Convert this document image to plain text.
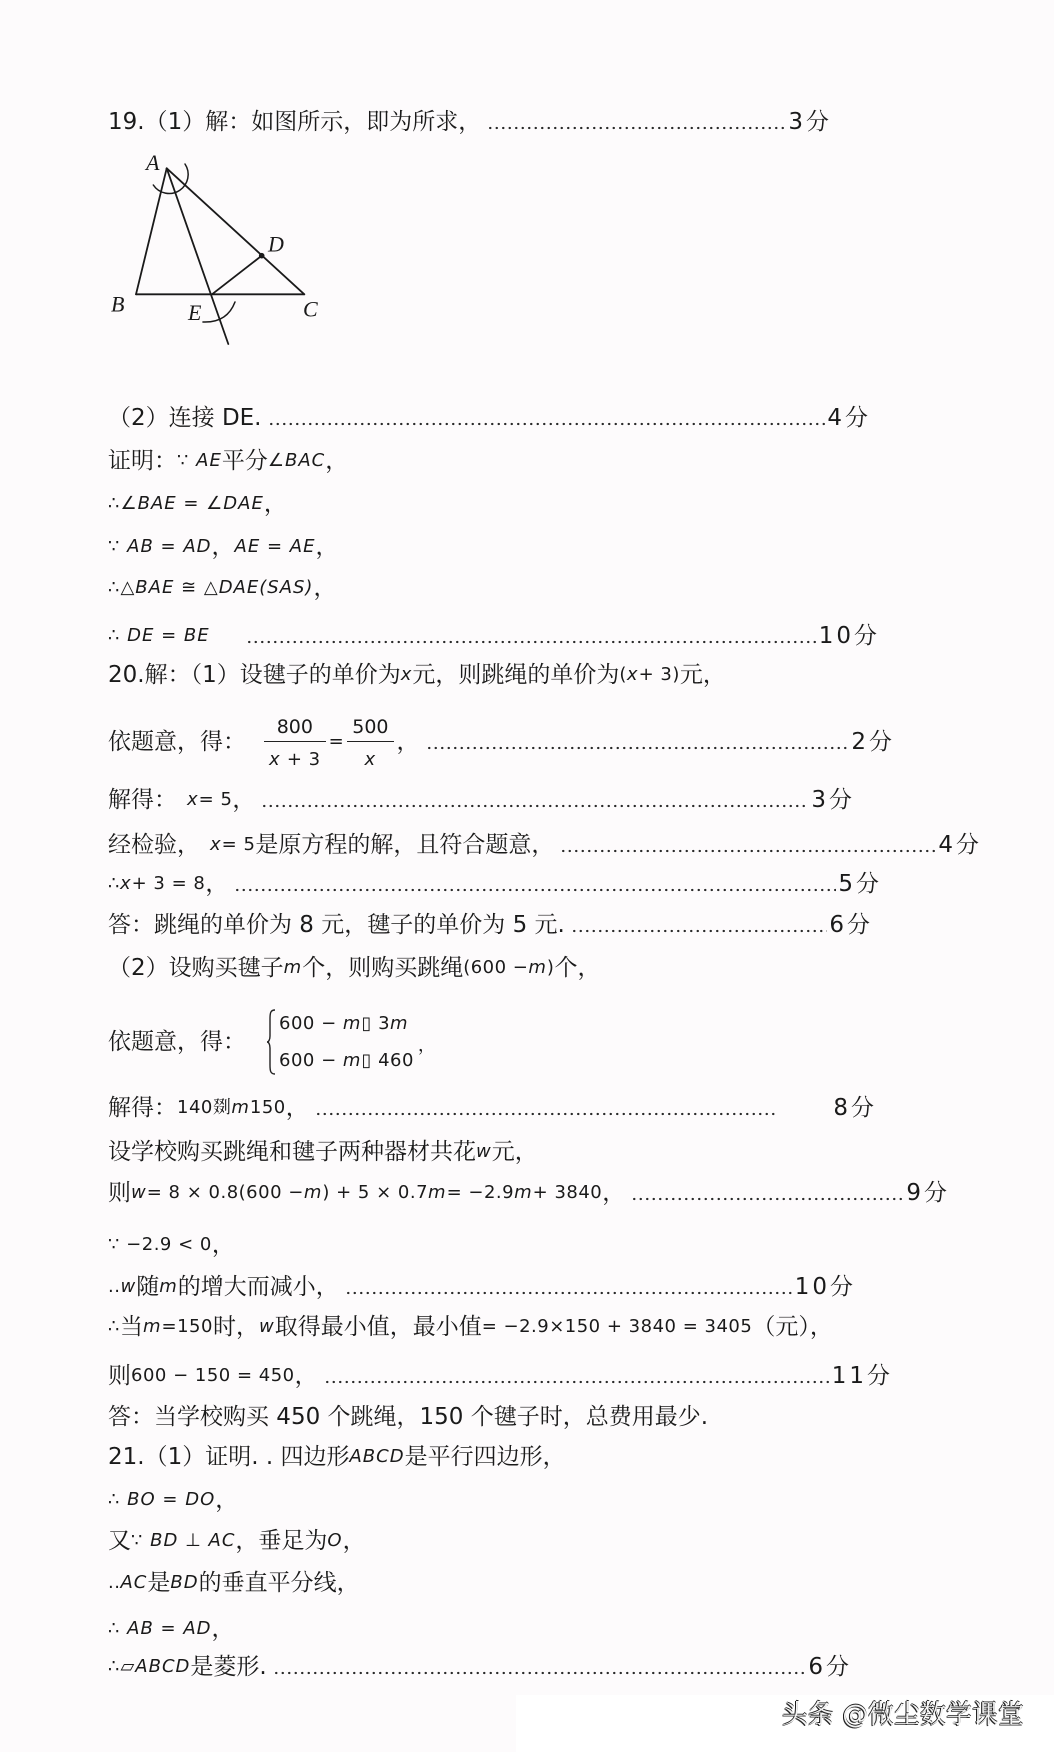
19.（1）解：如图所示，即为所求，	3分
A
B	E	C
D
（2）连接 DE.	4分
证明： ∵ AE 平分 ∠BAC ，
∴∠BAE = ∠DAE ，
∵ AB = AD ， AE = AE ，
∴△BAE ≅ △DAE(SAS) ，
∴ DE = BE	10分
20.解：（1）设毽子的单价为 x 元，则跳绳的单价为 ( x + 3) 元，
依题意，得： $\frac{800}{x + 3} = \frac{500}{x}$ ，	2分
解得： x = 5 ，	3分
经检验， x = 5 是原方程的解，且符合题意，	4分
∴ x + 3 = 8 ，	5分
答：跳绳的单价为 8 元，毽子的单价为 5 元.	6分
（2）设购买毽子 m 个，则购买跳绳 (600 − m ) 个，
依题意，得：
600 − m▯ 3m
600 − m▯ 460
，
解得： 140剟 m 150 ，	8分
设学校购买跳绳和毽子两种器材共花 w 元，
则 w = 8 × 0.8(600 − m ) + 5 × 0.7 m = −2.9 m + 3840 ，	9分
∵ −2.9 < 0 ，
.. w 随 m 的增大而减小，	10分
∴ 当 m =150 时， w 取得最小值，最小值 = −2.9×150 + 3840 = 3405 （元），
则 600 − 150 = 450 ，	11分
答：当学校购买 450 个跳绳，150 个毽子时，总费用最少.
21.（1）证明. . 四边形 ABCD 是平行四边形，
∴ BO = DO ，
又 ∵ BD ⊥ AC ，垂足为 O ，
.. AC 是 BD 的垂直平分线，
∴ AB = AD ，
∴▱ABCD 是菱形.	6分
头条 @微尘数学课堂
